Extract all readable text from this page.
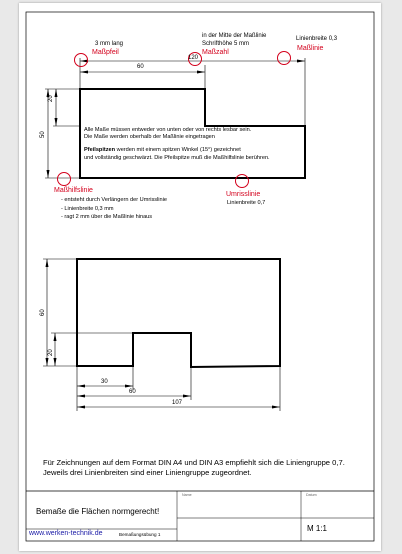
3 mm lang
Maßpfeil
in der Mitte der Maßlinie
Schrifthöhe 5 mm
Maßzahl
Linienbreite 0,3
Maßlinie
60
120
20
50
Alle Maße müssen entweder von unten oder von rechts lesbar sein.
Die Maße werden oberhalb der Maßlinie eingetragen
Pfeilspitzen werden mit einem spitzen Winkel (15°) gezeichnet
und vollständig geschwärzt. Die Pfeilspitze muß die Maßhilfslinie berühren.
Maßhilfslinie
- entsteht durch Verlängern der Umrisslinie
- Linienbreite 0,3 mm
- ragt 2 mm über die Maßlinie hinaus
Umrisslinie
Linienbreite 0,7
60
20
30
60
107
Für Zeichnungen auf dem Format DIN A4 und DIN A3 empfiehlt sich die Liniengruppe 0,7.
Jeweils drei Linienbreiten sind einer Liniengruppe zugeordnet.
Bemaße die Flächen normgerecht!
Name	Datum
M 1:1
www.werken-technik.de	Bemaßungsübung 1
